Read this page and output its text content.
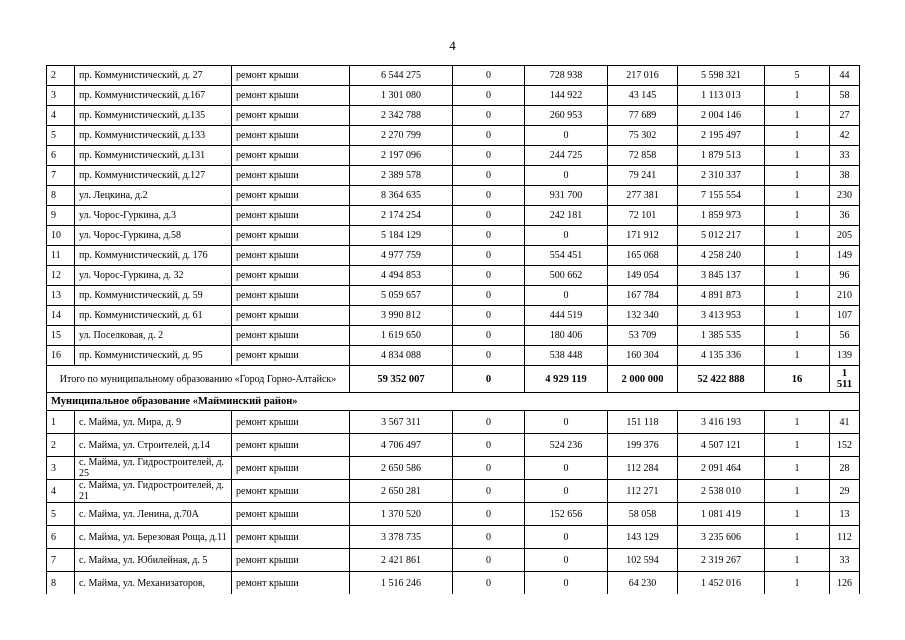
4
2	пр. Коммунистический, д. 27	ремонт крыши	6 544 275	0	728 938	217 016	5 598 321	5	44
3	пр. Коммунистический, д.167	ремонт крыши	1 301 080	0	144 922	43 145	1 113 013	1	58
4	пр. Коммунистический, д.135	ремонт крыши	2 342 788	0	260 953	77 689	2 004 146	1	27
5	пр. Коммунистический, д.133	ремонт крыши	2 270 799	0	0	75 302	2 195 497	1	42
6	пр. Коммунистический, д.131	ремонт крыши	2 197 096	0	244 725	72 858	1 879 513	1	33
7	пр. Коммунистический, д.127	ремонт крыши	2 389 578	0	0	79 241	2 310 337	1	38
8	ул. Лецкина, д.2	ремонт крыши	8 364 635	0	931 700	277 381	7 155 554	1	230
9	ул. Чорос-Гуркина, д.3	ремонт крыши	2 174 254	0	242 181	72 101	1 859 973	1	36
10	ул. Чорос-Гуркина, д.58	ремонт крыши	5 184 129	0	0	171 912	5 012 217	1	205
11	пр. Коммунистический, д. 176	ремонт крыши	4 977 759	0	554 451	165 068	4 258 240	1	149
12	ул. Чорос-Гуркина, д. 32	ремонт крыши	4 494 853	0	500 662	149 054	3 845 137	1	96
13	пр. Коммунистический, д. 59	ремонт крыши	5 059 657	0	0	167 784	4 891 873	1	210
14	пр. Коммунистический, д. 61	ремонт крыши	3 990 812	0	444 519	132 340	3 413 953	1	107
15	ул. Поселковая, д. 2	ремонт крыши	1 619 650	0	180 406	53 709	1 385 535	1	56
16	пр. Коммунистический, д. 95	ремонт крыши	4 834 088	0	538 448	160 304	4 135 336	1	139
Итого по муниципальному образованию «Город Горно-Алтайск»			59 352 007	0	4 929 119	2 000 000	52 422 888	16	1 511
Муниципальное образование «Майминский район»									
1	с. Майма, ул. Мира, д. 9	ремонт крыши	3 567 311	0	0	151 118	3 416 193	1	41
2	с. Майма, ул. Строителей, д.14	ремонт крыши	4 706 497	0	524 236	199 376	4 507 121	1	152
3	с. Майма, ул. Гидростроителей, д. 25	ремонт крыши	2 650 586	0	0	112 284	2 091 464	1	28
4	с. Майма, ул. Гидростроителей, д. 21	ремонт крыши	2 650 281	0	0	112 271	2 538 010	1	29
5	с. Майма, ул. Ленина, д.70А	ремонт крыши	1 370 520	0	152 656	58 058	1 081 419	1	13
6	с. Майма, ул. Березовая Роща, д.11	ремонт крыши	3 378 735	0	0	143 129	3 235 606	1	112
7	с. Майма, ул. Юбилейная, д. 5	ремонт крыши	2 421 861	0	0	102 594	2 319 267	1	33
8	с. Майма, ул. Механизаторов,	ремонт крыши	1 516 246	0	0	64 230	1 452 016	1	126
